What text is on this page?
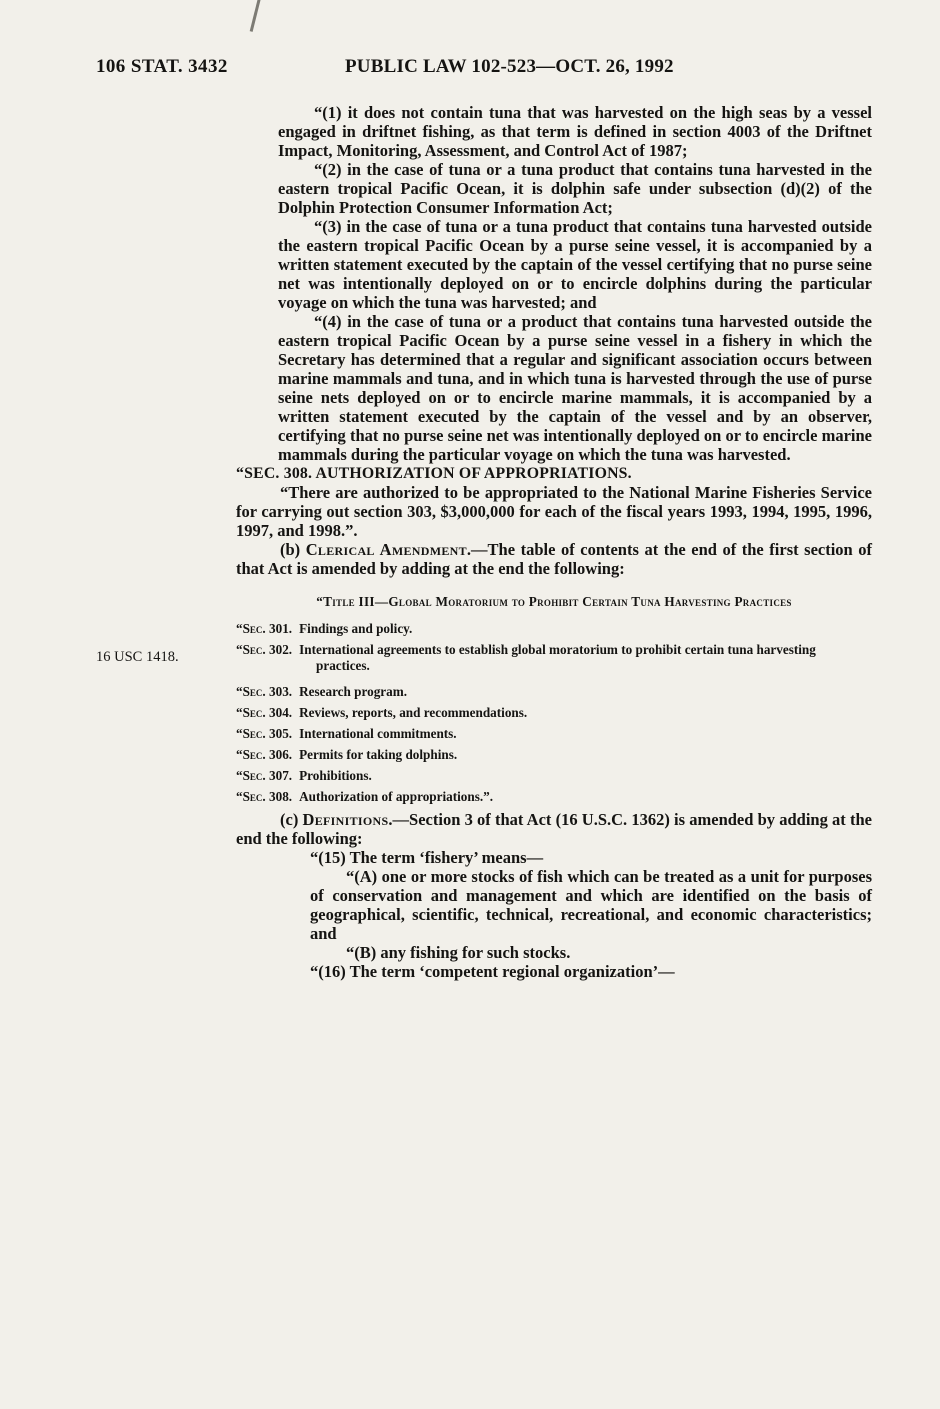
106 STAT. 3432	PUBLIC LAW 102-523—OCT. 26, 1992
16 USC 1418.

“(1) it does not contain tuna that was harvested on the high seas by a vessel engaged in driftnet fishing, as that term is defined in section 4003 of the Driftnet Impact, Monitoring, Assessment, and Control Act of 1987;

“(2) in the case of tuna or a tuna product that contains tuna harvested in the eastern tropical Pacific Ocean, it is dolphin safe under subsection (d)(2) of the Dolphin Protection Consumer Information Act;

“(3) in the case of tuna or a tuna product that contains tuna harvested outside the eastern tropical Pacific Ocean by a purse seine vessel, it is accompanied by a written statement executed by the captain of the vessel certifying that no purse seine net was intentionally deployed on or to encircle dolphins during the particular voyage on which the tuna was harvested; and

“(4) in the case of tuna or a product that contains tuna harvested outside the eastern tropical Pacific Ocean by a purse seine vessel in a fishery in which the Secretary has determined that a regular and significant association occurs between marine mammals and tuna, and in which tuna is harvested through the use of purse seine nets deployed on or to encircle marine mammals, it is accompanied by a written statement executed by the captain of the vessel and by an observer, certifying that no purse seine net was intentionally deployed on or to encircle marine mammals during the particular voyage on which the tuna was harvested.

“SEC. 308. AUTHORIZATION OF APPROPRIATIONS.

“There are authorized to be appropriated to the National Marine Fisheries Service for carrying out section 303, $3,000,000 for each of the fiscal years 1993, 1994, 1995, 1996, 1997, and 1998.”.

(b) Clerical Amendment.—The table of contents at the end of the first section of that Act is amended by adding at the end the following:

“Title III—Global Moratorium to Prohibit Certain Tuna Harvesting Practices
“Sec. 301. Findings and policy.
“Sec. 302. International agreements to establish global moratorium to prohibit certain tuna harvesting practices.
“Sec. 303. Research program.
“Sec. 304. Reviews, reports, and recommendations.
“Sec. 305. International commitments.
“Sec. 306. Permits for taking dolphins.
“Sec. 307. Prohibitions.
“Sec. 308. Authorization of appropriations.”.

(c) Definitions.—Section 3 of that Act (16 U.S.C. 1362) is amended by adding at the end the following:

“(15) The term ‘fishery’ means—

“(A) one or more stocks of fish which can be treated as a unit for purposes of conservation and management and which are identified on the basis of geographical, scientific, technical, recreational, and economic characteristics; and

“(B) any fishing for such stocks.

“(16) The term ‘competent regional organization’—
